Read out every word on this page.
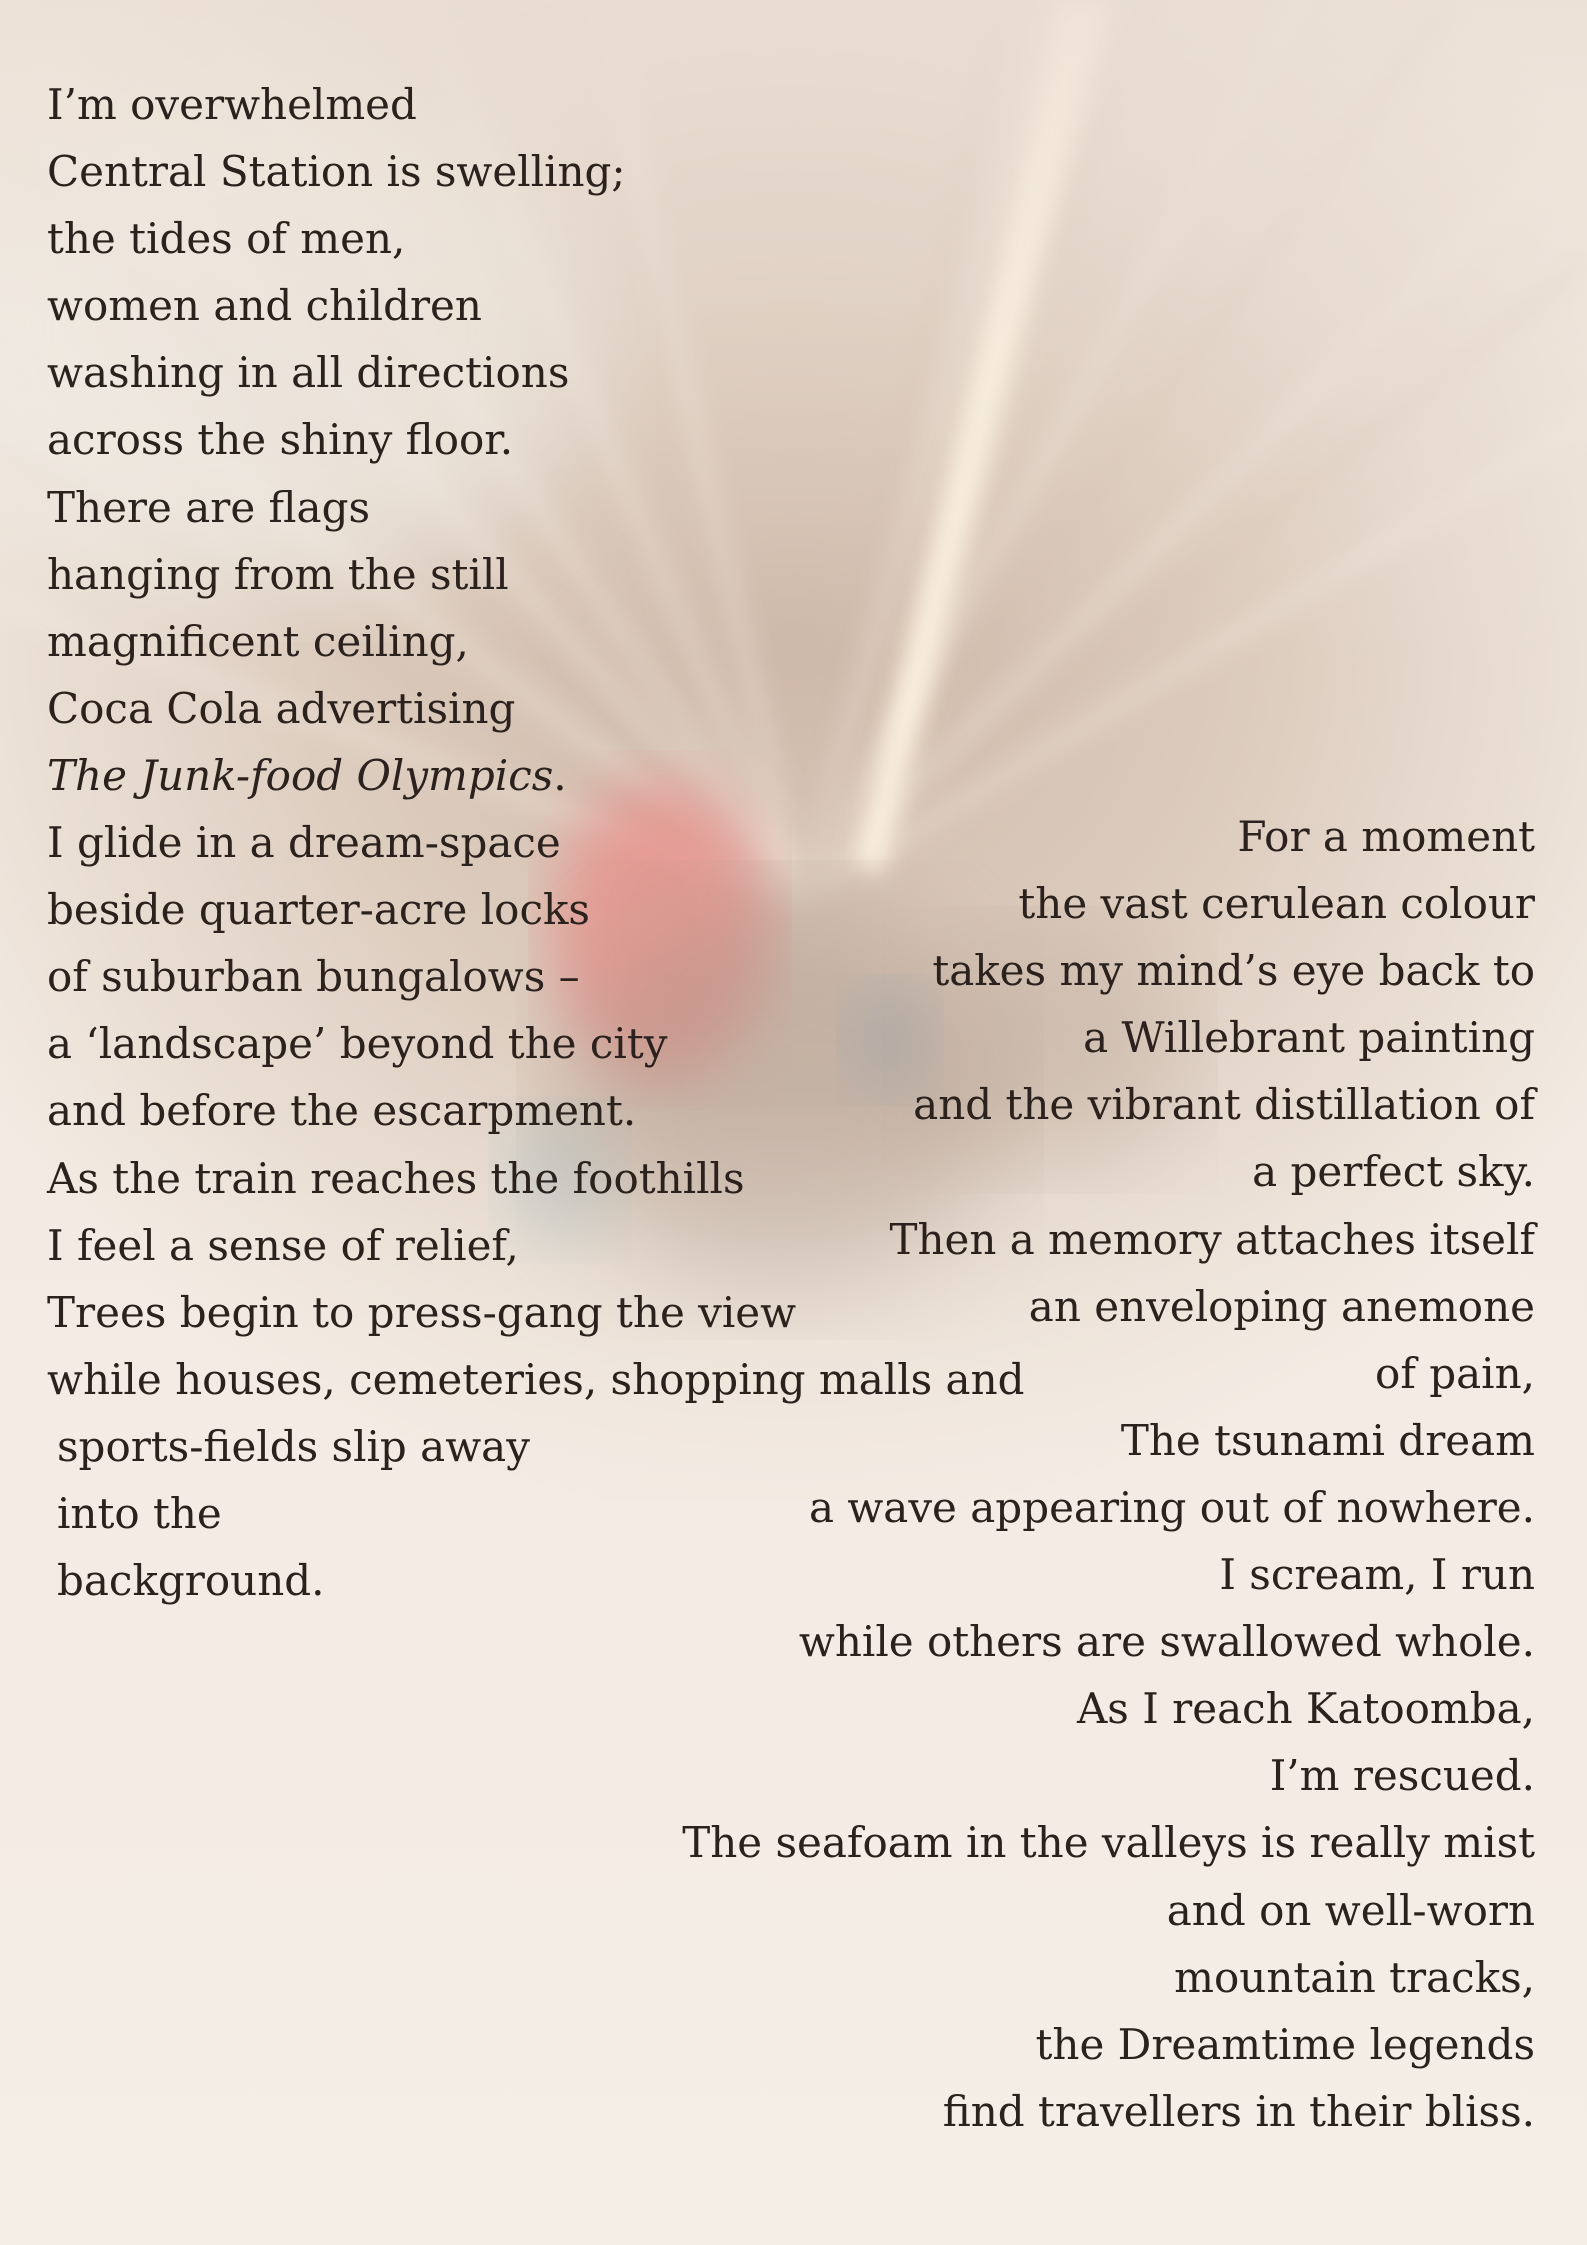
I’m overwhelmed
Central Station is swelling;
the tides of men,
women and children
washing in all directions
across the shiny floor.
There are flags
hanging from the still
magnificent ceiling,
Coca Cola advertising
The Junk-food Olympics.
I glide in a dream-space
beside quarter-acre locks
of suburban bungalows –
a ‘landscape’ beyond the city
and before the escarpment.
As the train reaches the foothills
I feel a sense of relief,
Trees begin to press-gang the view
while houses, cemeteries, shopping malls and
sports-fields slip away
into the
background.
For a moment
the vast cerulean colour
takes my mind’s eye back to
a Willebrant painting
and the vibrant distillation of
a perfect sky.
Then a memory attaches itself
an enveloping anemone
of pain,
The tsunami dream
a wave appearing out of nowhere.
I scream, I run
while others are swallowed whole.
As I reach Katoomba,
I’m rescued.
The seafoam in the valleys is really mist
and on well-worn
mountain tracks,
the Dreamtime legends
find travellers in their bliss.
